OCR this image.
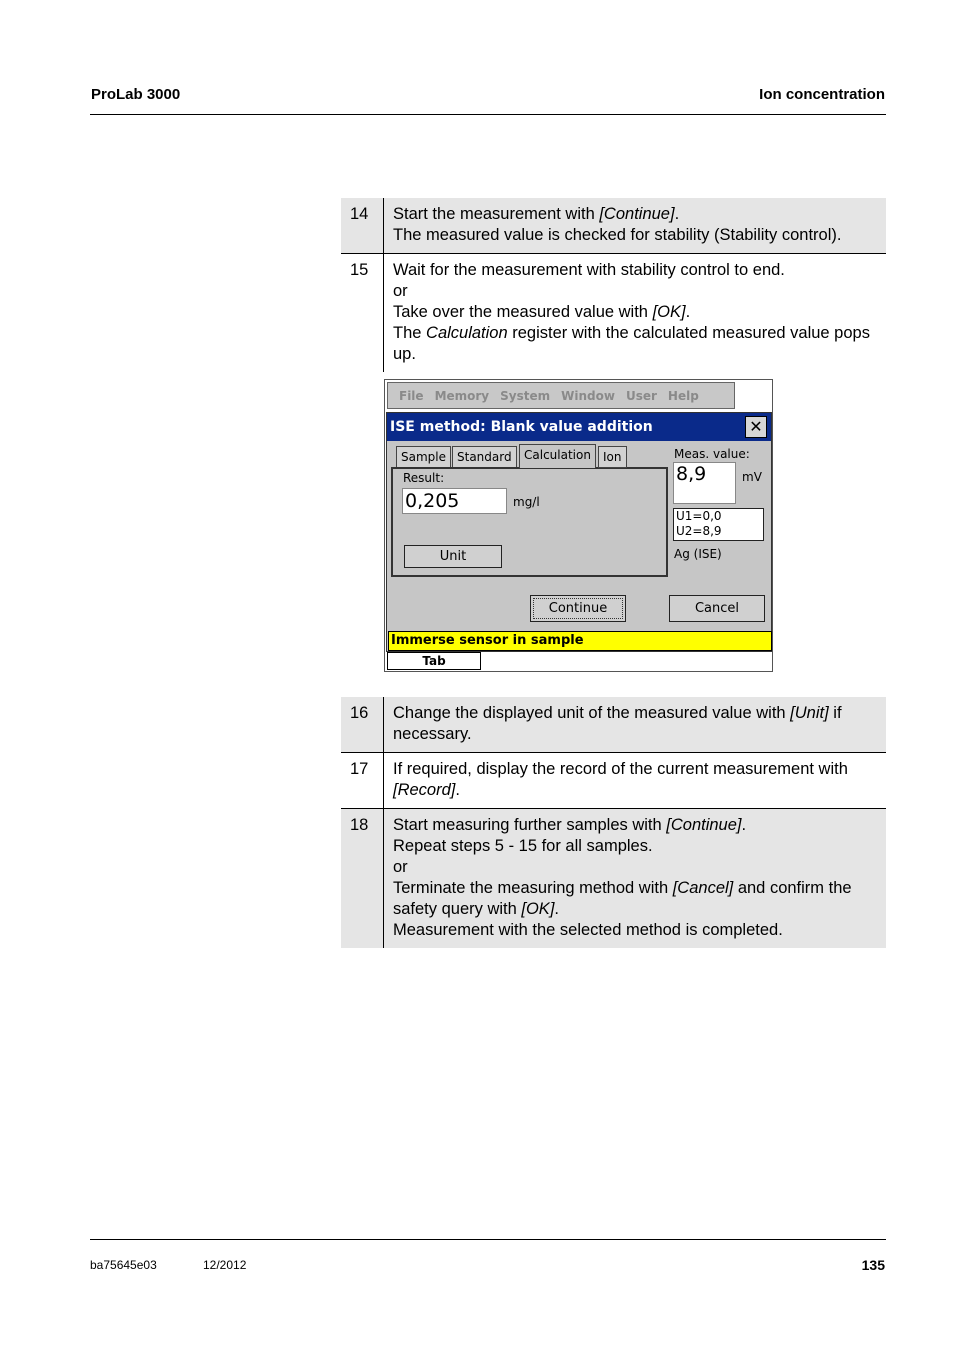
ProLab 3000	Ion concentration
14	Start the measurement with [Continue].
The measured value is checked for stability (Stability control).
15	Wait for the measurement with stability control to end.
or
Take over the measured value with [OK].
The Calculation register with the calculated measured value pops up.
File Memory System Window User Help
ISE method: Blank value addition	✕
Sample Standard	Calculation	Ion
Result:
0,205	mg/l
Unit
Meas. value:
8,9	mV
U1=0,0
U2=8,9
Ag (ISE)
Continue	Cancel
Immerse sensor in sample
Tab
16	Change the displayed unit of the measured value with [Unit] if necessary.
17	If required, display the record of the current measurement with [Record].
18	Start measuring further samples with [Continue].
Repeat steps 5 - 15 for all samples.
or
Terminate the measuring method with [Cancel] and confirm the safety query with [OK].
Measurement with the selected method is completed.
ba75645e03	12/2012	135
